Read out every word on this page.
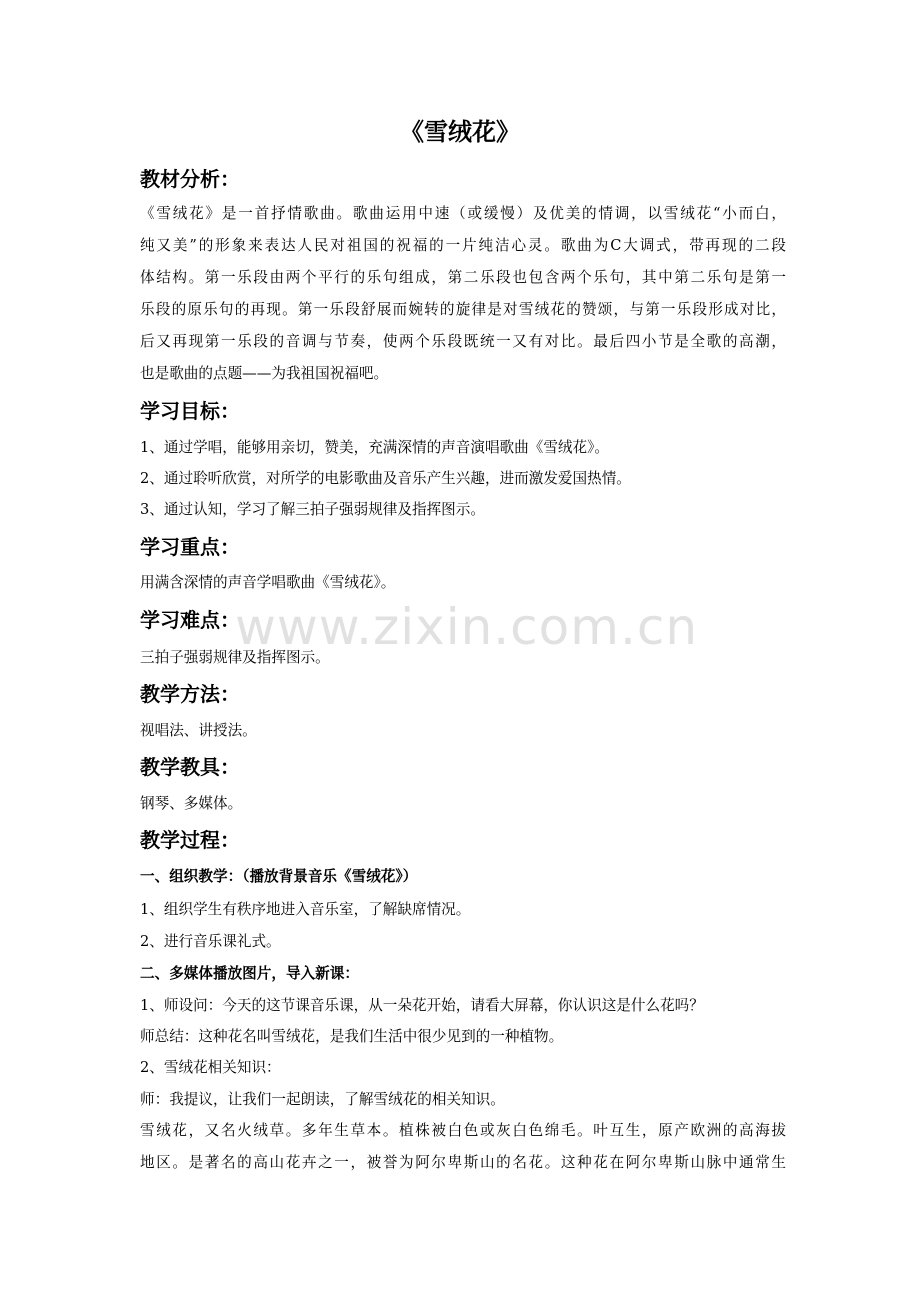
《雪绒花》
教材分析：
《雪绒花》是一首抒情歌曲。歌曲运用中速（或缓慢）及优美的情调，以雪绒花“小而白，
纯又美”的形象来表达人民对祖国的祝福的一片纯洁心灵。歌曲为C大调式，带再现的二段
体结构。第一乐段由两个平行的乐句组成，第二乐段也包含两个乐句，其中第二乐句是第一
乐段的原乐句的再现。第一乐段舒展而婉转的旋律是对雪绒花的赞颂，与第一乐段形成对比，
后又再现第一乐段的音调与节奏，使两个乐段既统一又有对比。最后四小节是全歌的高潮，
也是歌曲的点题——为我祖国祝福吧。
学习目标：
1、通过学唱，能够用亲切，赞美，充满深情的声音演唱歌曲《雪绒花》。
2、通过聆听欣赏，对所学的电影歌曲及音乐产生兴趣，进而激发爱国热情。
3、通过认知，学习了解三拍子强弱规律及指挥图示。
学习重点：
用满含深情的声音学唱歌曲《雪绒花》。
学习难点：
三拍子强弱规律及指挥图示。
教学方法：
视唱法、讲授法。
教学教具：
钢琴、多媒体。
教学过程：
一、组织教学：（播放背景音乐《雪绒花》）
1、组织学生有秩序地进入音乐室，了解缺席情况。
2、进行音乐课礼式。
二、多媒体播放图片，导入新课：
1、师设问：今天的这节课音乐课，从一朵花开始，请看大屏幕，你认识这是什么花吗？
师总结：这种花名叫雪绒花，是我们生活中很少见到的一种植物。
2、雪绒花相关知识：
师：我提议，让我们一起朗读，了解雪绒花的相关知识。
雪绒花，又名火绒草。多年生草本。植株被白色或灰白色绵毛。叶互生，原产欧洲的高海拔
地区。是著名的高山花卉之一，被誉为阿尔卑斯山的名花。这种花在阿尔卑斯山脉中通常生
www.zixin.com.cn
